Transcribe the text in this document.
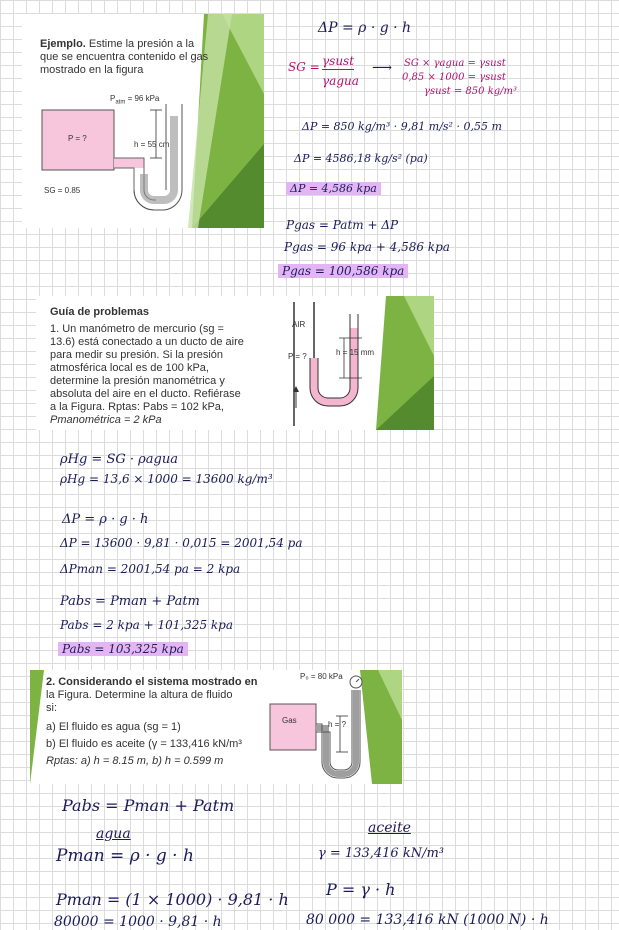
Ejemplo. Estime la presión a la
que se encuentra contenido el gas
mostrado en la figura
$P_{atm} = 96$ kPa
P = ?
h = 55 cm
SG = 0.85
ΔP = ρ · g · h
SG = γsust
γagua
⟶ SG × γagua = γsust
0,85 × 1000 = γsust
γsust = 850 kg/m³
ΔP = 850 kg/m³ · 9,81 m/s² · 0,55 m
ΔP = 4586,18 kg/s² (pa)
ΔP = 4,586 kpa
Pgas = Patm + ΔP
Pgas = 96 kpa + 4,586 kpa
Pgas = 100,586 kpa
Guía de problemas
1. Un manómetro de mercurio (sg =
13.6) está conectado a un ducto de aire
para medir su presión. Si la presión
atmosférica local es de 100 kPa,
determine la presión manométrica y
absoluta del aire en el ducto. Refiérase
a la Figura. Rptas: Pabs = 102 kPa,
Pmanométrica = 2 kPa
AIR
P = ?	h = 15 mm
ρHg = SG · ρagua
ρHg = 13,6 × 1000 = 13600 kg/m³
ΔP = ρ · g · h
ΔP = 13600 · 9,81 · 0,015 = 2001,54 pa
ΔPman = 2001,54 pa = 2 kpa
Pabs = Pman + Patm
Pabs = 2 kpa + 101,325 kpa
Pabs = 103,325 kpa
2. Considerando el sistema mostrado en
la Figura. Determine la altura de fluido
si:
a) El fluido es agua (sg = 1)
b) El fluido es aceite (γ = 133,416 kN/m³
Rptas: a) h = 8.15 m, b) h = 0.599 m
P₀ = 80 kPa
Gas	h = ?
Pabs = Pman + Patm
agua	aceite
Pman = ρ · g · h	γ = 133,416 kN/m³
Pman = (1 × 1000) · 9,81 · h
P = γ · h
80000 = 1000 · 9,81 · h	80 000 = 133,416 kN (1000 N) · h
